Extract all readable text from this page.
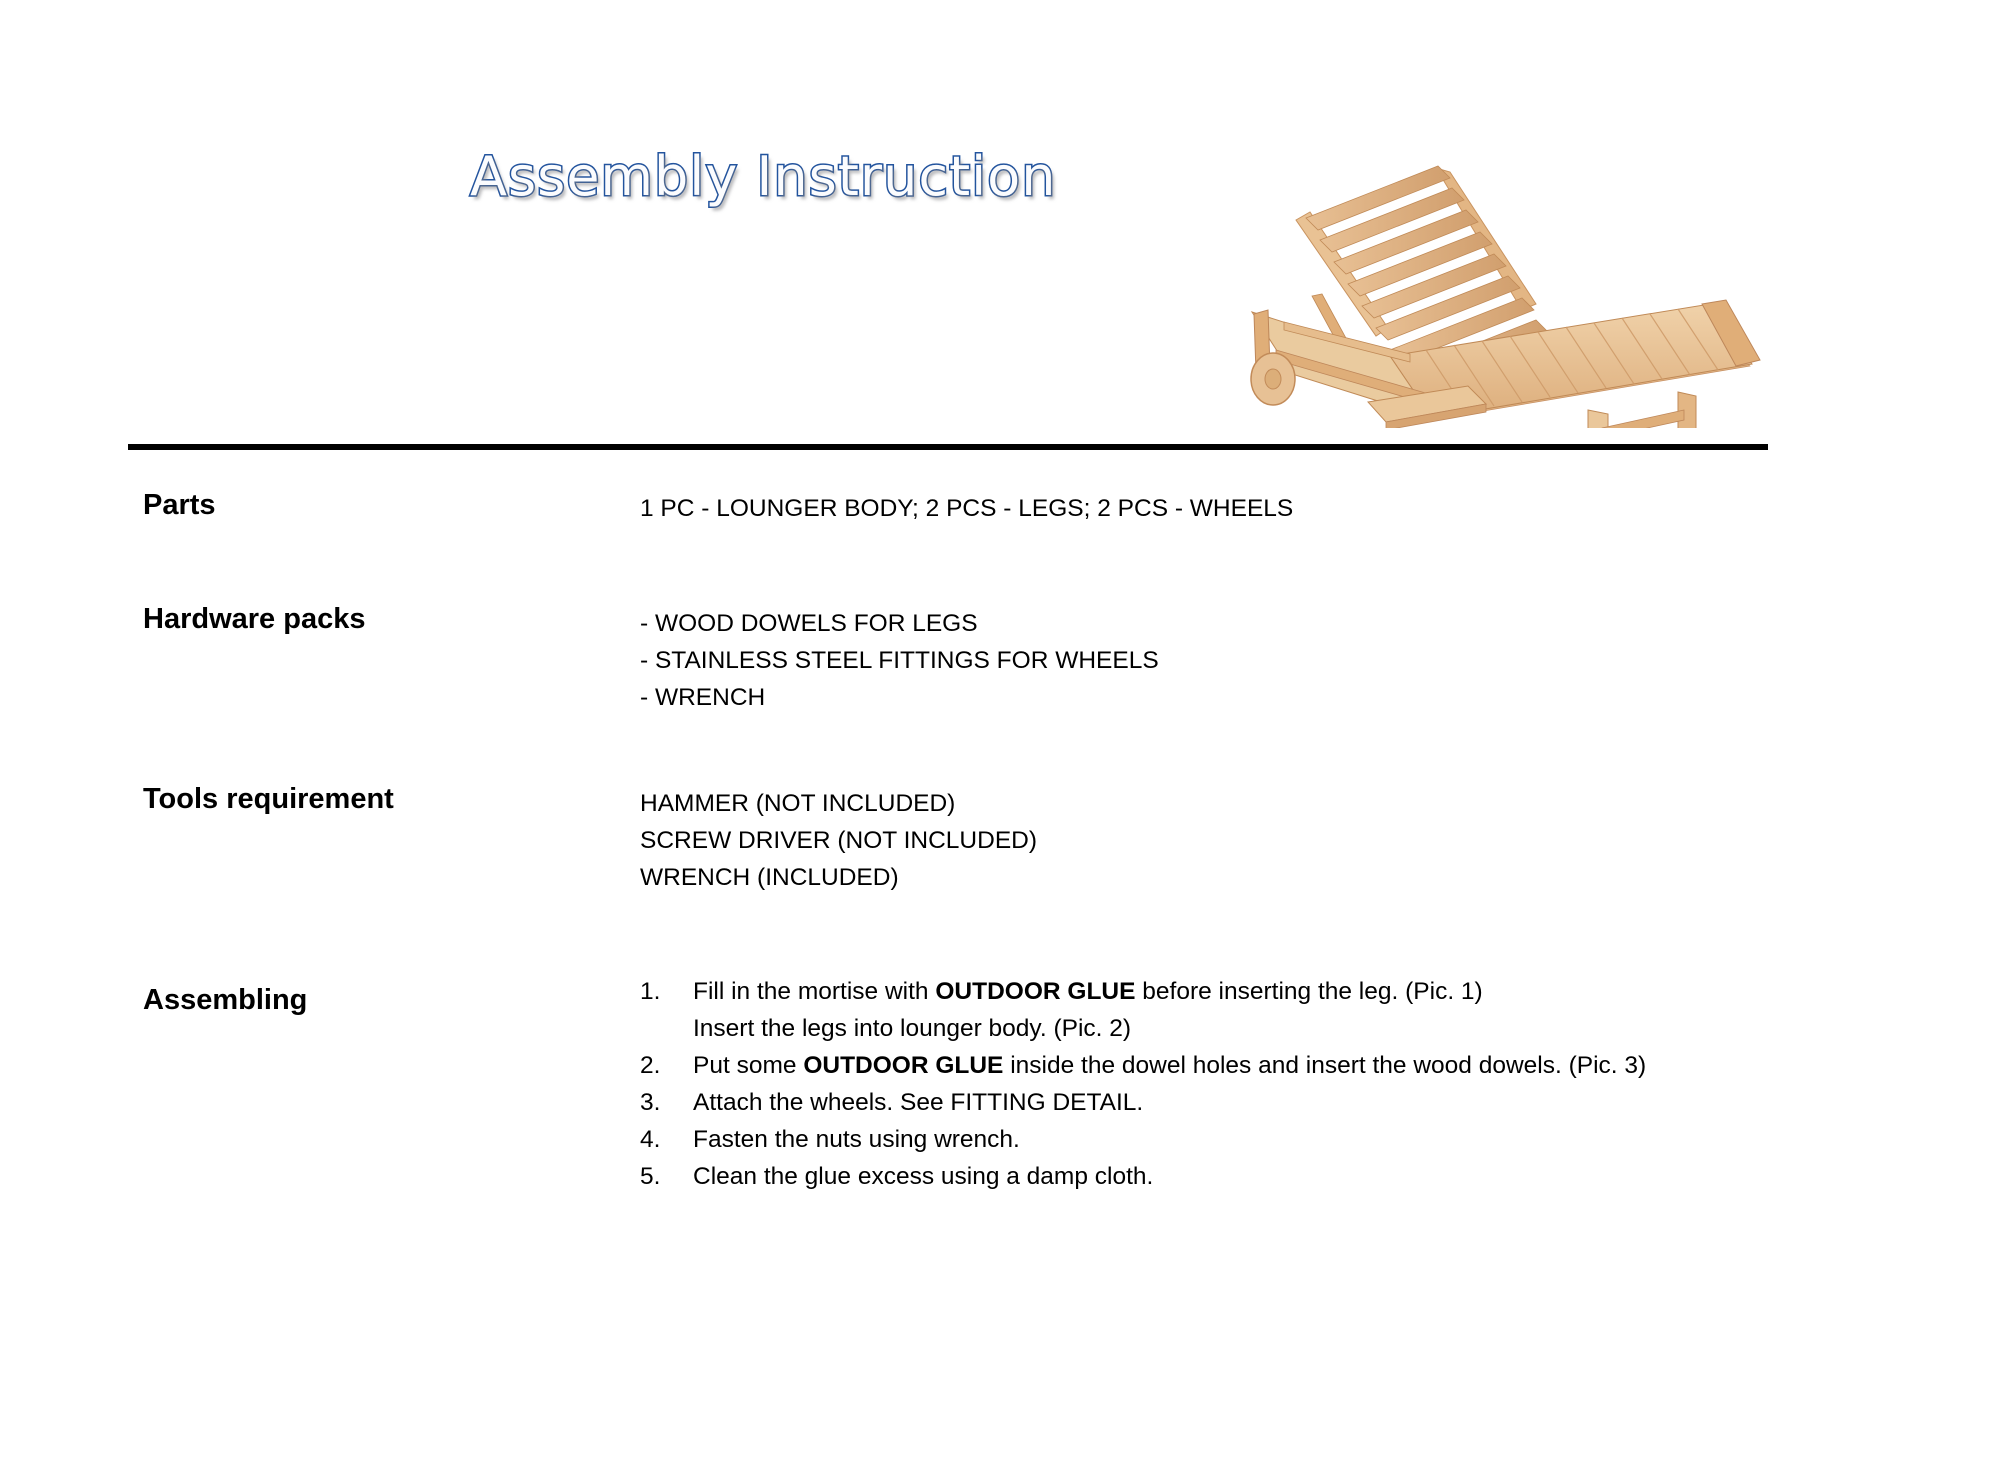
Assembly Instruction
Parts	1 PC - LOUNGER BODY; 2 PCS - LEGS; 2 PCS - WHEELS
Hardware packs	- WOOD DOWELS FOR LEGS
- STAINLESS STEEL FITTINGS FOR WHEELS
- WRENCH
Tools requirement	HAMMER (NOT INCLUDED)
SCREW DRIVER (NOT INCLUDED)
WRENCH (INCLUDED)
Assembling	1.	Fill in the mortise with OUTDOOR GLUE before inserting the leg. (Pic. 1)
Insert the legs into lounger body. (Pic. 2)
2.	Put some OUTDOOR GLUE inside the dowel holes and insert the wood dowels. (Pic. 3)
3.	Attach the wheels. See FITTING DETAIL.
4.	Fasten the nuts using wrench.
5.	Clean the glue excess using a damp cloth.
